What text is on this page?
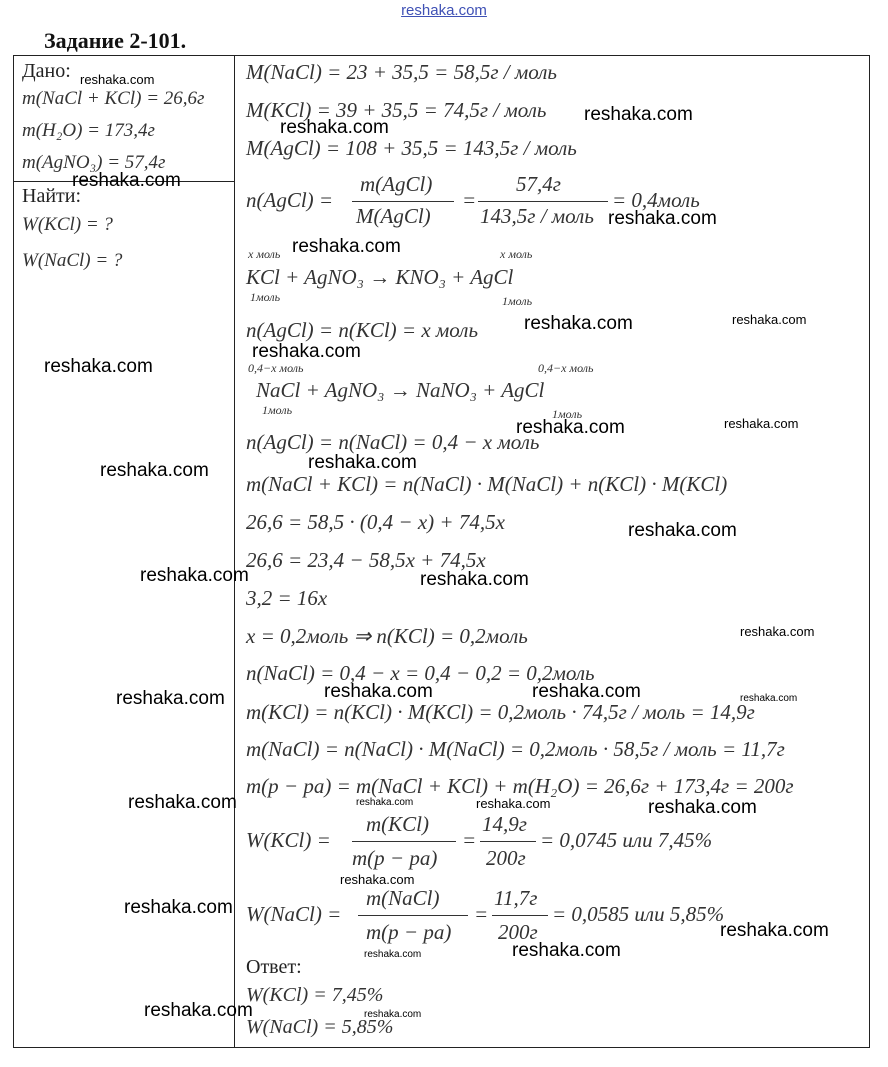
reshaka.com
Задание 2-101.
Дано:
m(NaCl + KCl) = 26,6г
m(H₂O) = 173,4г
m(AgNO₃) = 57,4г
Найти:
W(KCl) = ?
W(NaCl) = ?
M(NaCl) = 23 + 35,5 = 58,5г / моль
M(KCl) = 39 + 35,5 = 74,5г / моль
M(AgCl) = 108 + 35,5 = 143,5г / моль
n(AgCl) =
m(AgCl)
M(AgCl)
=
57,4г
143,5г / моль
= 0,4моль
x моль	x моль
KCl + AgNO₃ → KNO₃ + AgCl
1моль	1моль
n(AgCl) = n(KCl) = x моль
0,4−x моль	0,4−x моль
NaCl + AgNO₃ → NaNO₃ + AgCl
1моль	1моль
n(AgCl) = n(NaCl) = 0,4 − x моль
m(NaCl + KCl) = n(NaCl) · M(NaCl) + n(KCl) · M(KCl)
26,6 = 58,5 · (0,4 − x) + 74,5x
26,6 = 23,4 − 58,5x + 74,5x
3,2 = 16x
x = 0,2моль ⇒ n(KCl) = 0,2моль
n(NaCl) = 0,4 − x = 0,4 − 0,2 = 0,2моль
m(KCl) = n(KCl) · M(KCl) = 0,2моль · 74,5г / моль = 14,9г
m(NaCl) = n(NaCl) · M(NaCl) = 0,2моль · 58,5г / моль = 11,7г
m(p − pa) = m(NaCl + KCl) + m(H₂O) = 26,6г + 173,4г = 200г
W(KCl) =
m(KCl)
m(p − pa)
=
14,9г
200г
= 0,0745 или 7,45%
W(NaCl) =
m(NaCl)
m(p − pa)
=
11,7г
200г
= 0,0585 или 5,85%
Ответ:
W(KCl) = 7,45%
W(NaCl) = 5,85%
reshaka.com
reshaka.com
reshaka.com
reshaka.com
reshaka.com
reshaka.com
reshaka.com	reshaka.com
reshaka.com
reshaka.com
reshaka.com	reshaka.com
reshaka.com
reshaka.com
reshaka.com
reshaka.com	reshaka.com
reshaka.com
reshaka.com	reshaka.com	reshaka.com
reshaka.com
reshaka.com	reshaka.com	reshaka.com	reshaka.com
reshaka.com
reshaka.com
reshaka.com
reshaka.com
reshaka.com
reshaka.com	reshaka.com
